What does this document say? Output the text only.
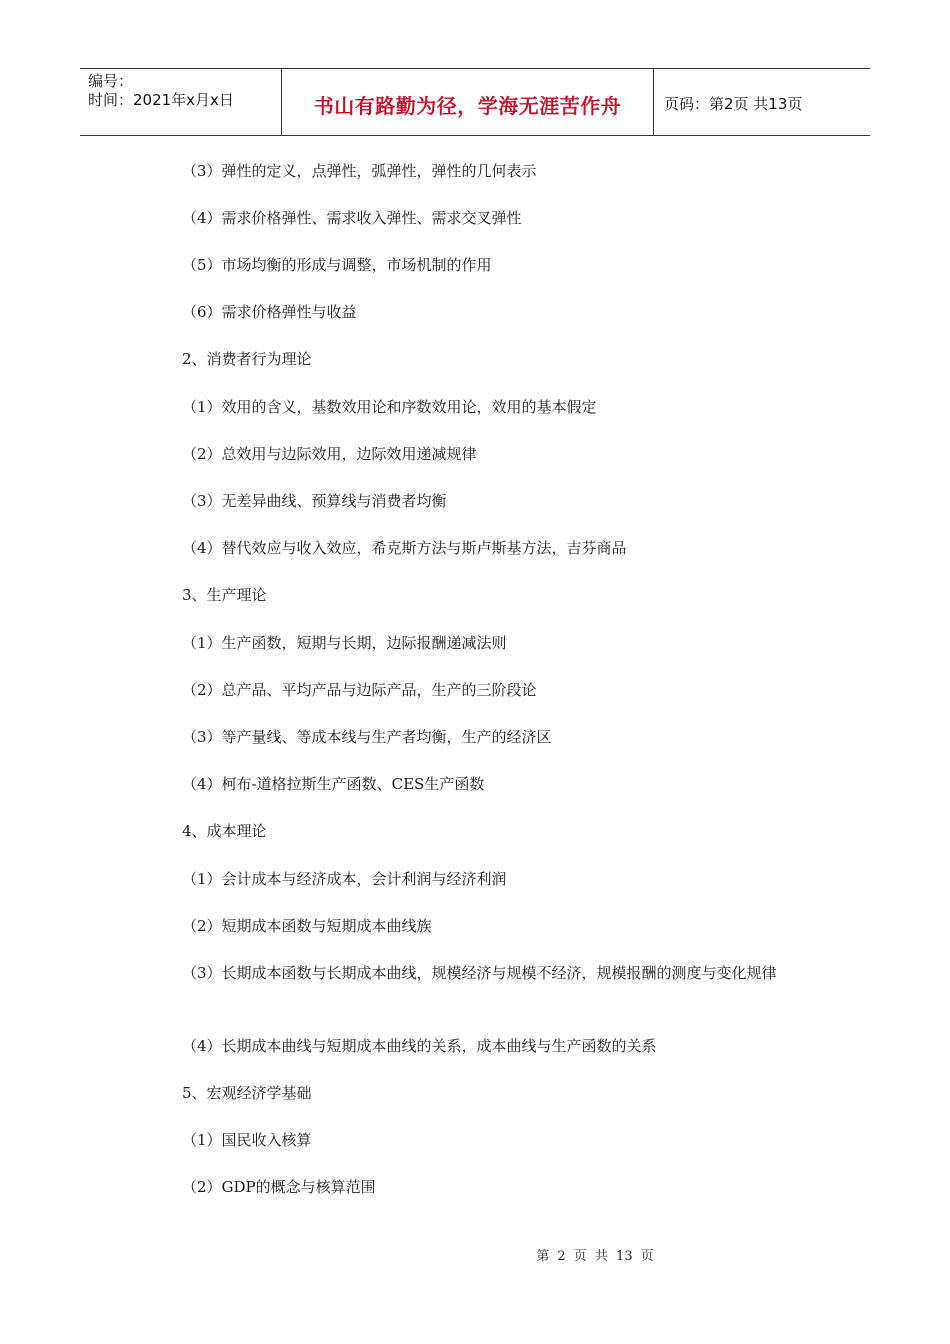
编号：
时间：2021年x月x日	书山有路勤为径，学海无涯苦作舟	页码：第2页 共13页
（3）弹性的定义，点弹性，弧弹性，弹性的几何表示
（4）需求价格弹性、需求收入弹性、需求交叉弹性
（5）市场均衡的形成与调整，市场机制的作用
（6）需求价格弹性与收益
2、消费者行为理论
（1）效用的含义，基数效用论和序数效用论，效用的基本假定
（2）总效用与边际效用，边际效用递减规律
（3）无差异曲线、预算线与消费者均衡
（4）替代效应与收入效应，希克斯方法与斯卢斯基方法，吉芬商品
3、生产理论
（1）生产函数，短期与长期，边际报酬递减法则
（2）总产品、平均产品与边际产品，生产的三阶段论
（3）等产量线、等成本线与生产者均衡，生产的经济区
（4）柯布-道格拉斯生产函数、CES生产函数
4、成本理论
（1）会计成本与经济成本，会计利润与经济利润
（2）短期成本函数与短期成本曲线族
（3）长期成本函数与长期成本曲线，规模经济与规模不经济，规模报酬的测度与变化规律
（4）长期成本曲线与短期成本曲线的关系，成本曲线与生产函数的关系
5、宏观经济学基础
（1）国民收入核算
（2）GDP的概念与核算范围
第 2 页 共 13 页
